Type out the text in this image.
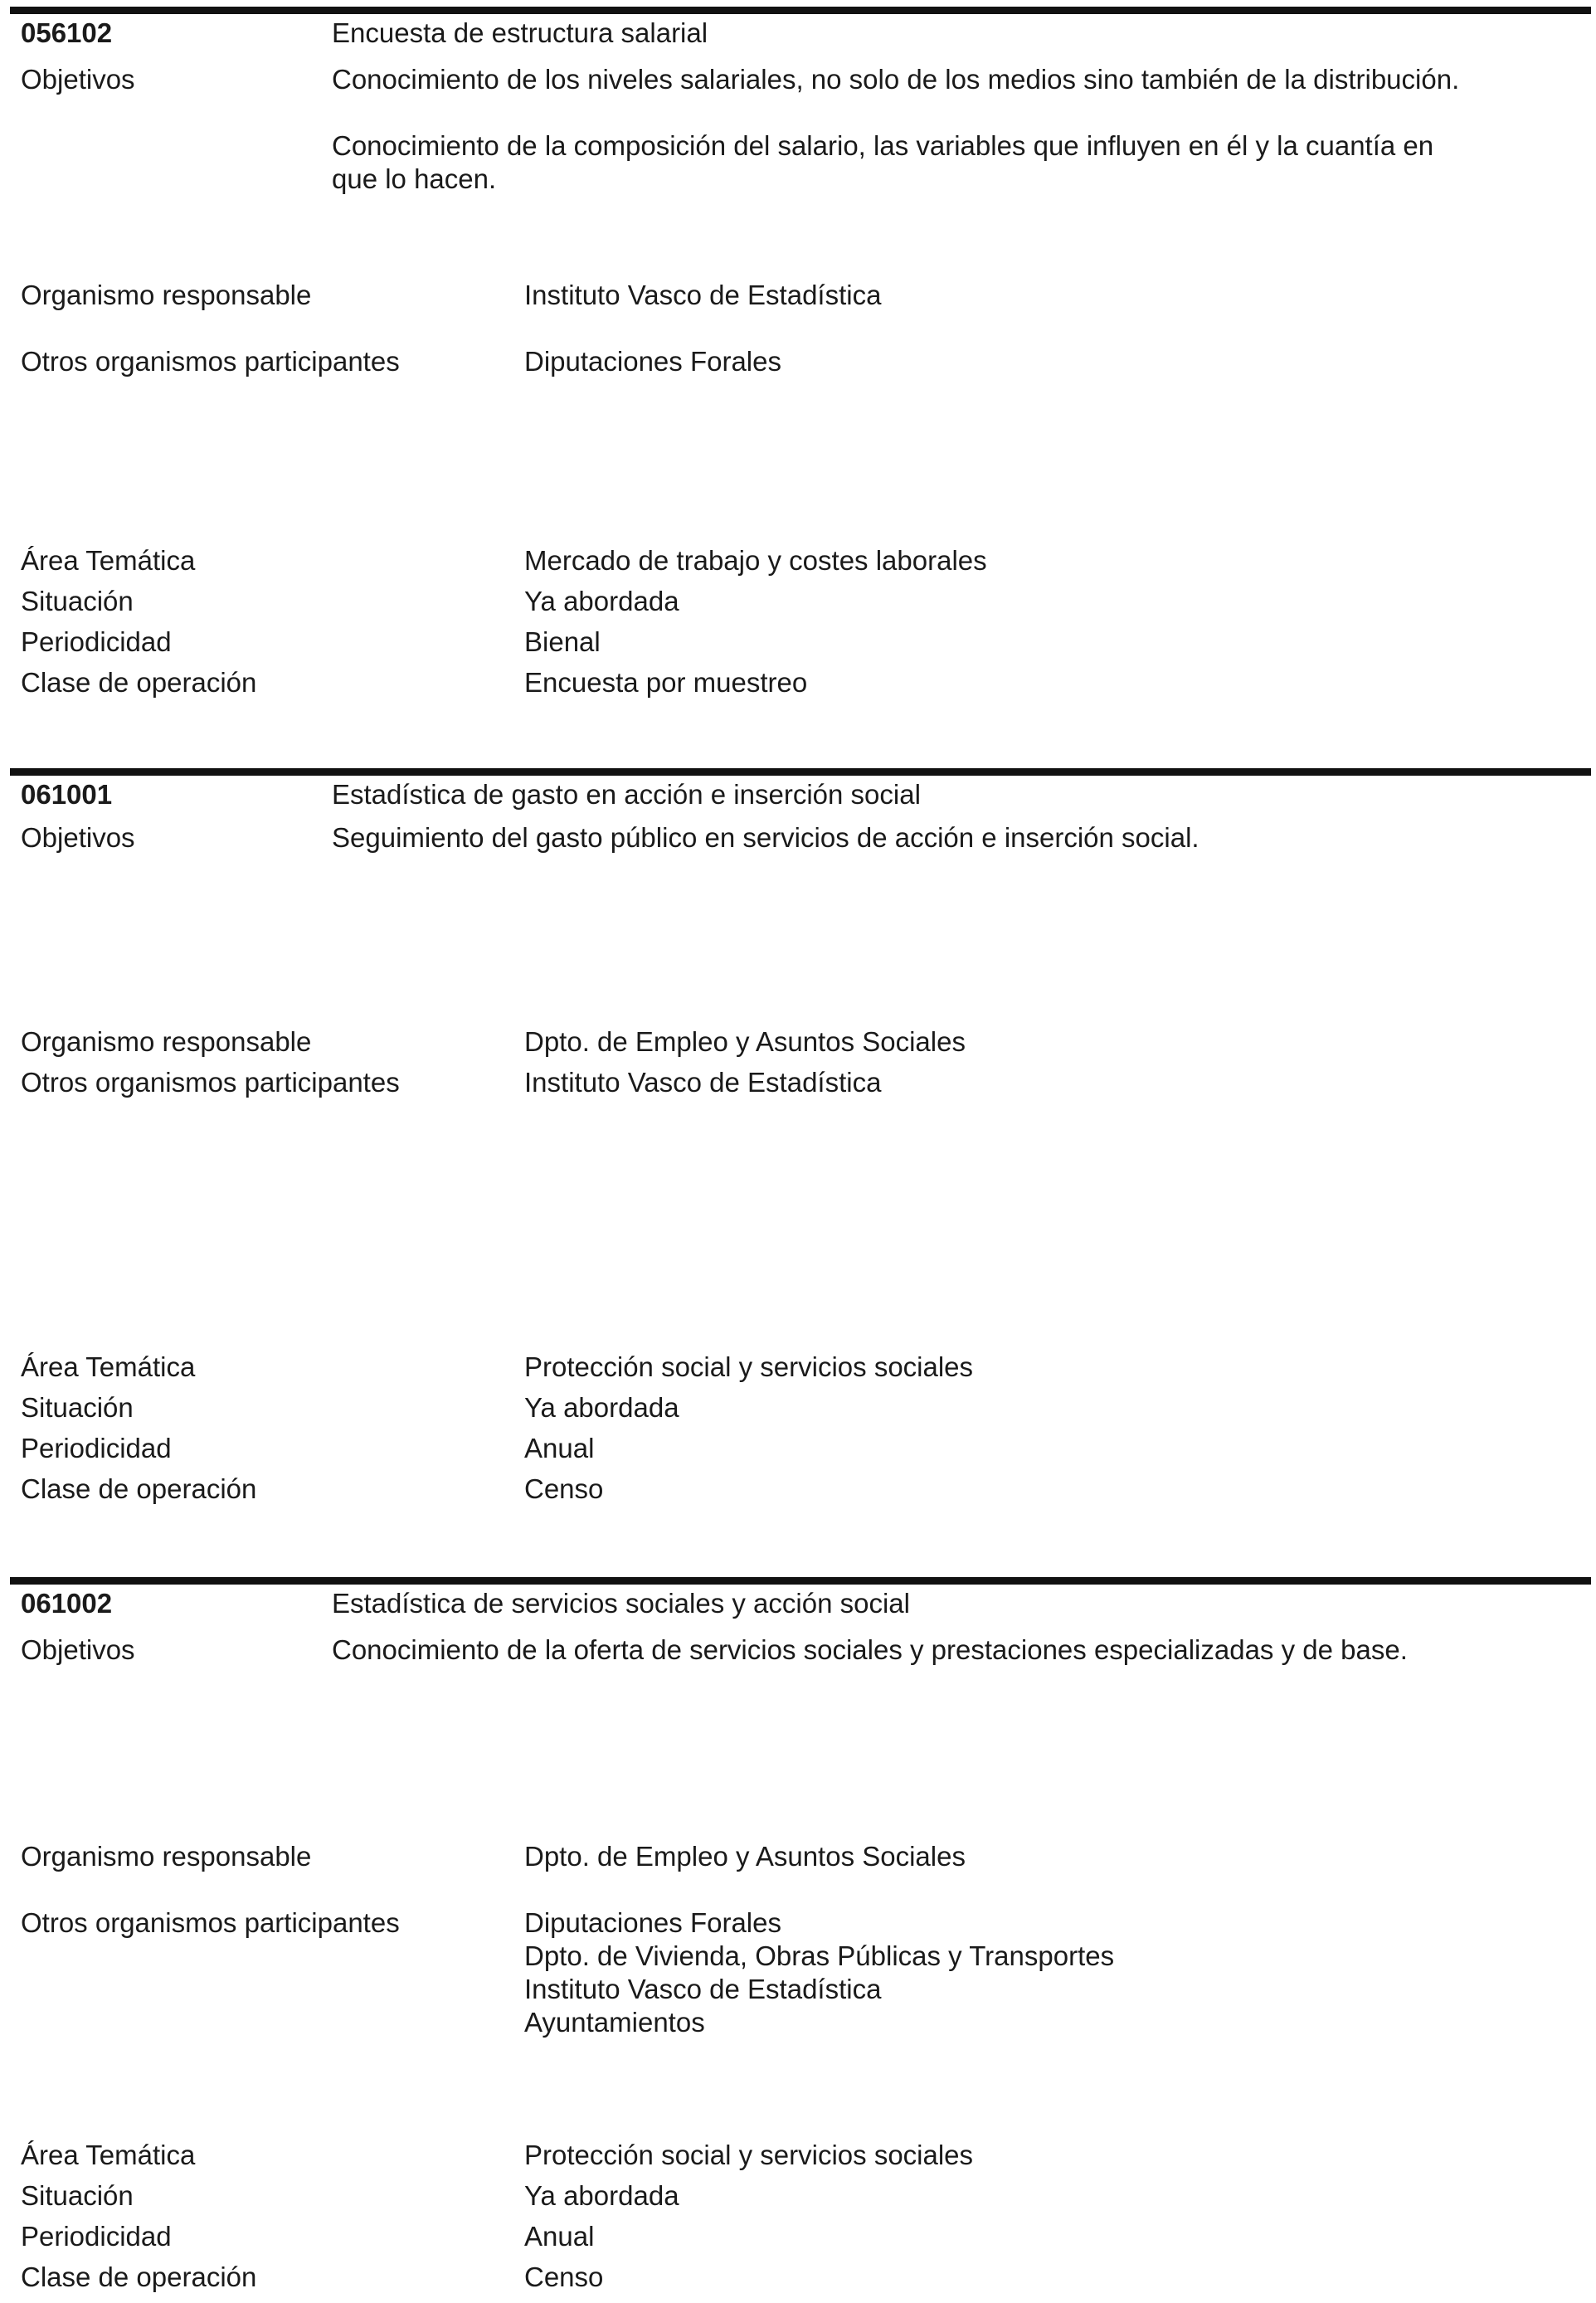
056102	Encuesta de estructura salarial
Objetivos	Conocimiento de los niveles salariales, no solo de los medios sino también de la distribución.
Conocimiento de la composición del salario, las variables que influyen en él y la cuantía en
que lo hacen.
Organismo responsable	Instituto Vasco de Estadística
Otros organismos participantes	Diputaciones Forales
Área Temática	Mercado de trabajo y costes laborales
Situación	Ya abordada
Periodicidad	Bienal
Clase de operación	Encuesta por muestreo
061001	Estadística de gasto en acción e inserción social
Objetivos	Seguimiento del gasto público en servicios de acción e inserción social.
Organismo responsable	Dpto. de Empleo y Asuntos Sociales
Otros organismos participantes	Instituto Vasco de Estadística
Área Temática	Protección social y servicios sociales
Situación	Ya abordada
Periodicidad	Anual
Clase de operación	Censo
061002	Estadística de servicios sociales y acción social
Objetivos	Conocimiento de la oferta de servicios sociales y prestaciones especializadas y de base.
Organismo responsable	Dpto. de Empleo y Asuntos Sociales
Otros organismos participantes	Diputaciones Forales
Dpto. de Vivienda, Obras Públicas y Transportes
Instituto Vasco de Estadística
Ayuntamientos
Área Temática	Protección social y servicios sociales
Situación	Ya abordada
Periodicidad	Anual
Clase de operación	Censo
